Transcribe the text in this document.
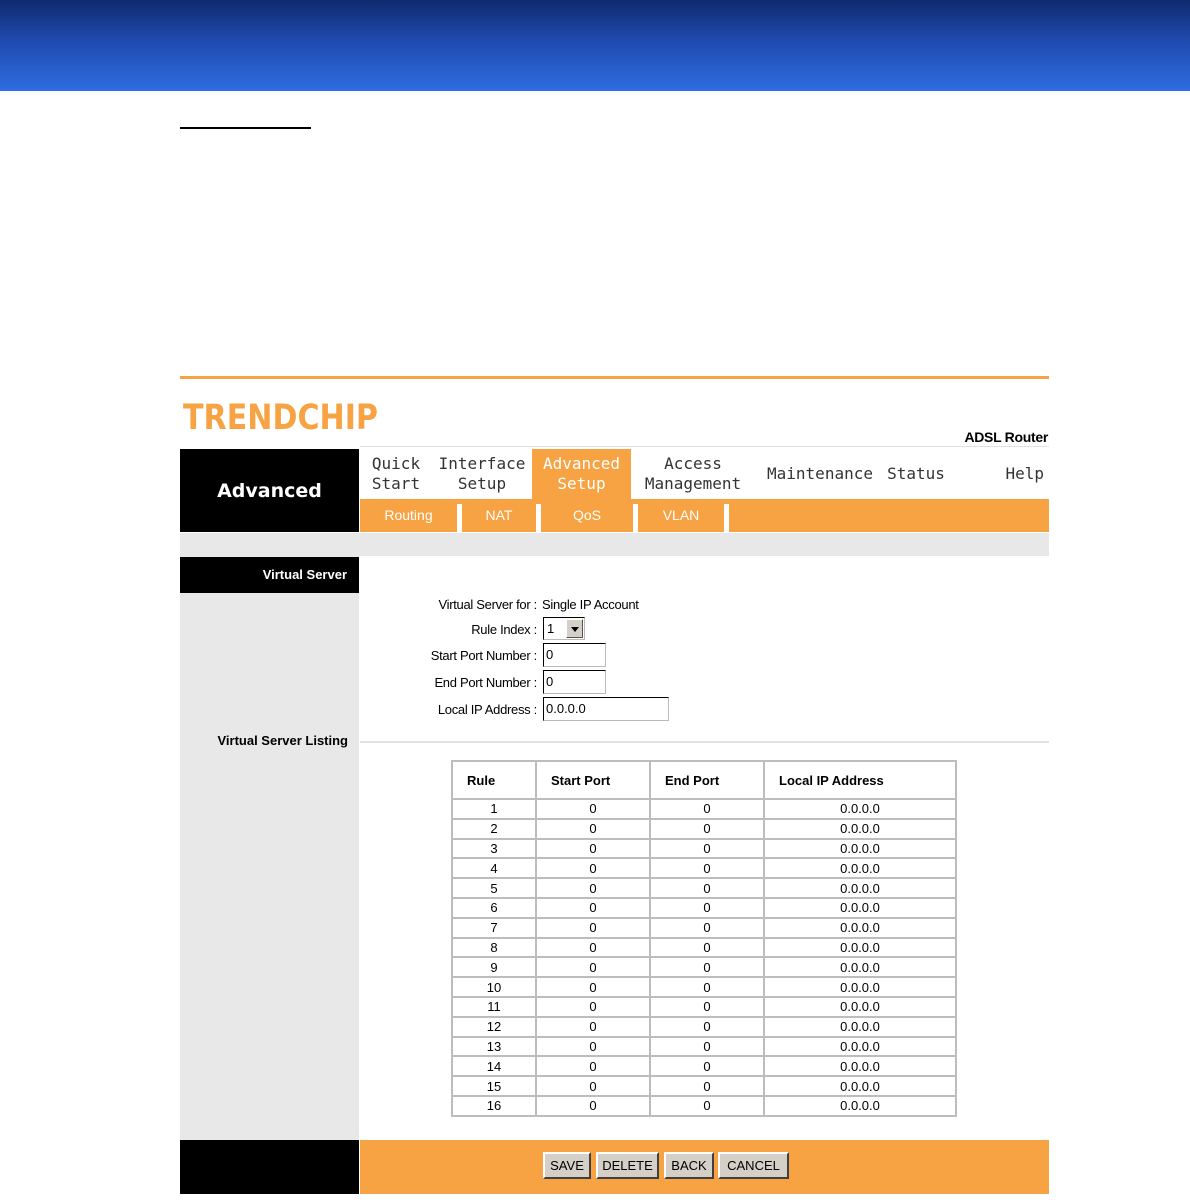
TRENDCHIP	ADSL Router
Advanced
Quick
Start
Interface
Setup
Advanced
Setup
Access
Management
Maintenance Status	Help
Routing	NAT	QoS	VLAN
Virtual Server
Virtual Server for : Single IP Account
Rule Index : 1
Start Port Number : 0
End Port Number : 0
Local IP Address : 0.0.0.0
Virtual Server Listing
Rule	Start Port	End Port	Local IP Address
1	0	0	0.0.0.0
2	0	0	0.0.0.0
3	0	0	0.0.0.0
4	0	0	0.0.0.0
5	0	0	0.0.0.0
6	0	0	0.0.0.0
7	0	0	0.0.0.0
8	0	0	0.0.0.0
9	0	0	0.0.0.0
10	0	0	0.0.0.0
11	0	0	0.0.0.0
12	0	0	0.0.0.0
13	0	0	0.0.0.0
14	0	0	0.0.0.0
15	0	0	0.0.0.0
16	0	0	0.0.0.0
SAVE	DELETE	BACK	CANCEL
